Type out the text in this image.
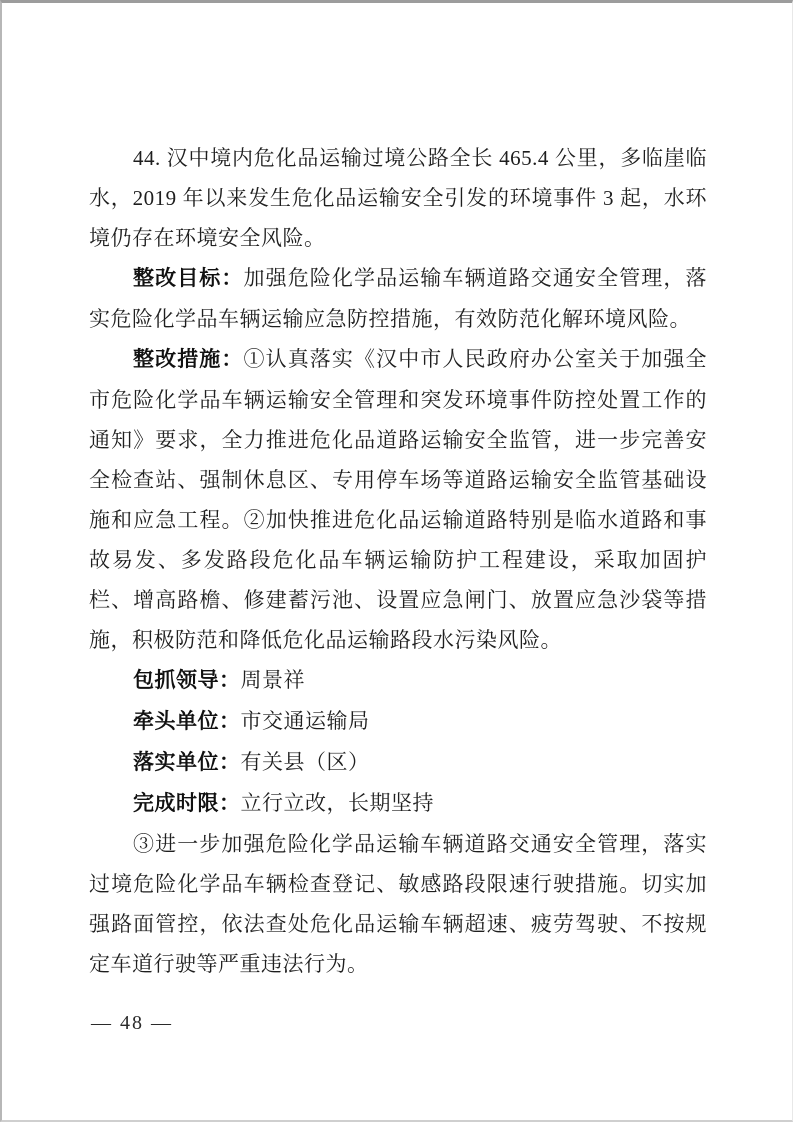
44. 汉中境内危化品运输过境公路全长 465.4 公里，多临崖临水，2019 年以来发生危化品运输安全引发的环境事件 3 起，水环境仍存在环境安全风险。

整改目标：加强危险化学品运输车辆道路交通安全管理，落实危险化学品车辆运输应急防控措施，有效防范化解环境风险。

整改措施：①认真落实《汉中市人民政府办公室关于加强全市危险化学品车辆运输安全管理和突发环境事件防控处置工作的通知》要求，全力推进危化品道路运输安全监管，进一步完善安全检查站、强制休息区、专用停车场等道路运输安全监管基础设施和应急工程。②加快推进危化品运输道路特别是临水道路和事故易发、多发路段危化品车辆运输防护工程建设，采取加固护栏、增高路檐、修建蓄污池、设置应急闸门、放置应急沙袋等措施，积极防范和降低危化品运输路段水污染风险。

包抓领导：周景祥

牵头单位：市交通运输局

落实单位：有关县（区）

完成时限：立行立改，长期坚持

③进一步加强危险化学品运输车辆道路交通安全管理，落实过境危险化学品车辆检查登记、敏感路段限速行驶措施。切实加强路面管控，依法查处危化品运输车辆超速、疲劳驾驶、不按规定车道行驶等严重违法行为。

— 48 —
